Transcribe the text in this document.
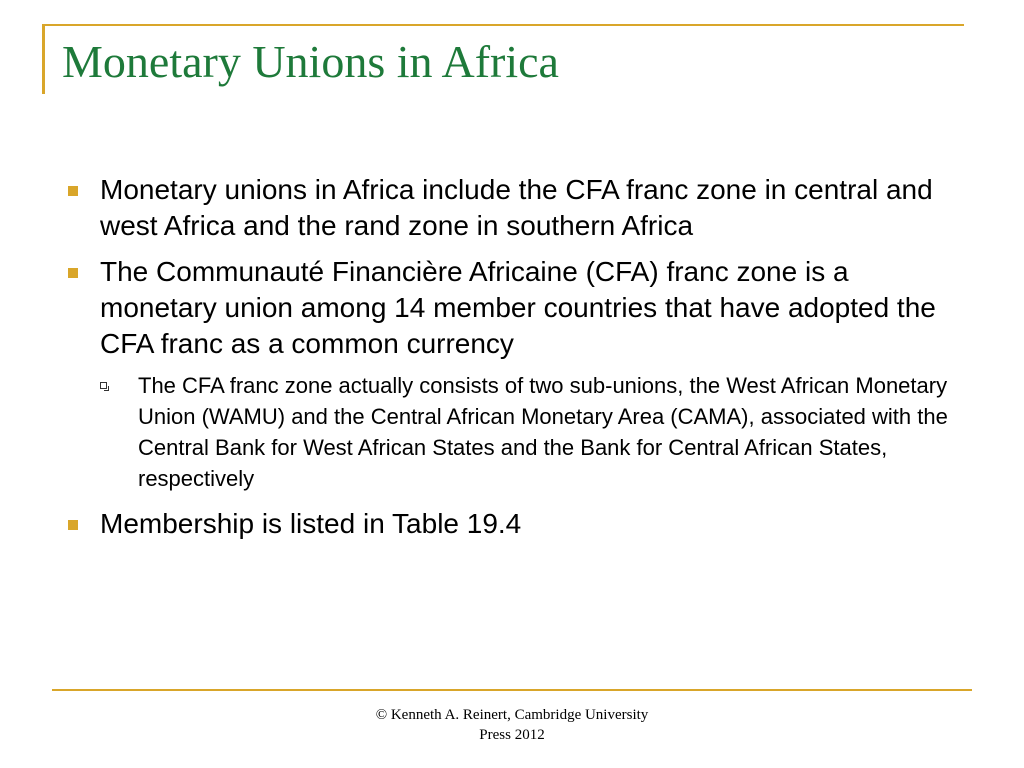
Monetary Unions in Africa
Monetary unions in Africa include the CFA franc zone in central and west Africa and the rand zone in southern Africa
The Communauté Financière Africaine (CFA) franc zone is a monetary union among 14 member countries that have adopted the CFA franc as a common currency
The CFA franc zone actually consists of two sub-unions, the West African Monetary Union (WAMU) and the Central African Monetary Area (CAMA), associated with the Central Bank for West African States and the Bank for Central African States, respectively
Membership is listed in Table 19.4
© Kenneth A. Reinert, Cambridge University
Press 2012
